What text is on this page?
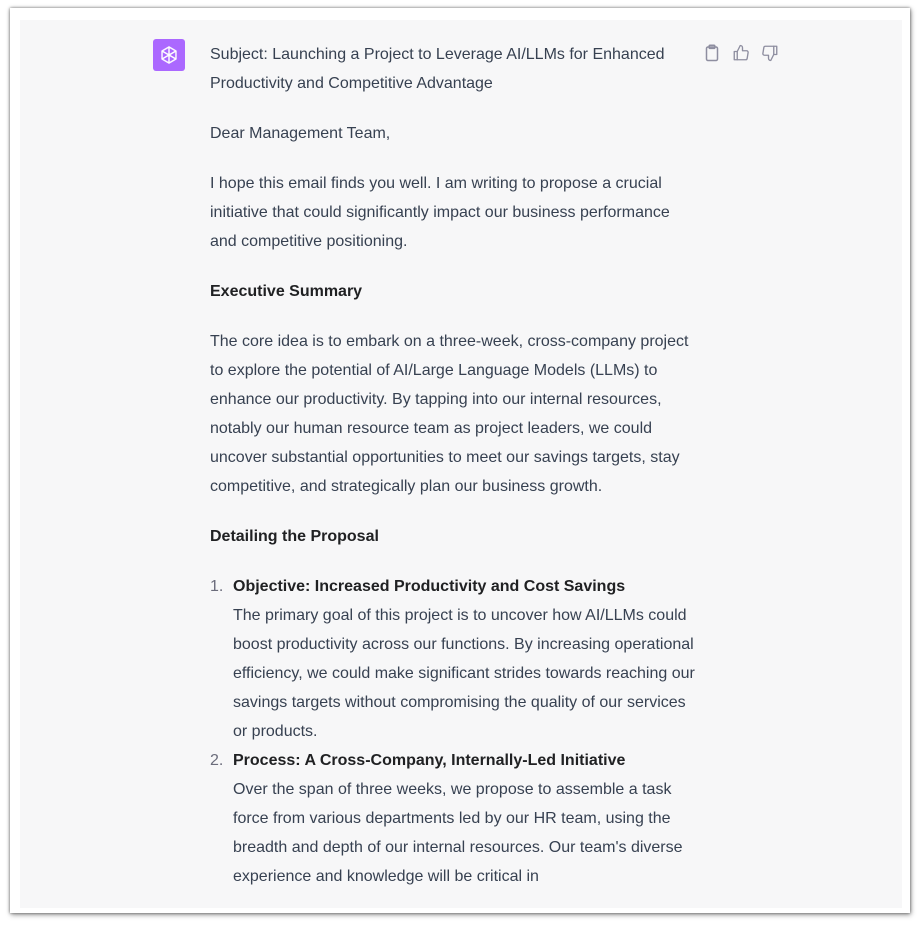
Subject: Launching a Project to Leverage AI/LLMs for Enhanced Productivity and Competitive Advantage

Dear Management Team,

I hope this email finds you well. I am writing to propose a crucial initiative that could significantly impact our business performance and competitive positioning.

Executive Summary

The core idea is to embark on a three-week, cross-company project to explore the potential of AI/Large Language Models (LLMs) to enhance our productivity. By tapping into our internal resources, notably our human resource team as project leaders, we could uncover substantial opportunities to meet our savings targets, stay competitive, and strategically plan our business growth.

Detailing the Proposal
1. Objective: Increased Productivity and Cost Savings
The primary goal of this project is to uncover how AI/LLMs could boost productivity across our functions. By increasing operational efficiency, we could make significant strides towards reaching our savings targets without compromising the quality of our services or products.
2. Process: A Cross-Company, Internally-Led Initiative
Over the span of three weeks, we propose to assemble a task force from various departments led by our HR team, using the breadth and depth of our internal resources. Our team's diverse experience and knowledge will be critical in
